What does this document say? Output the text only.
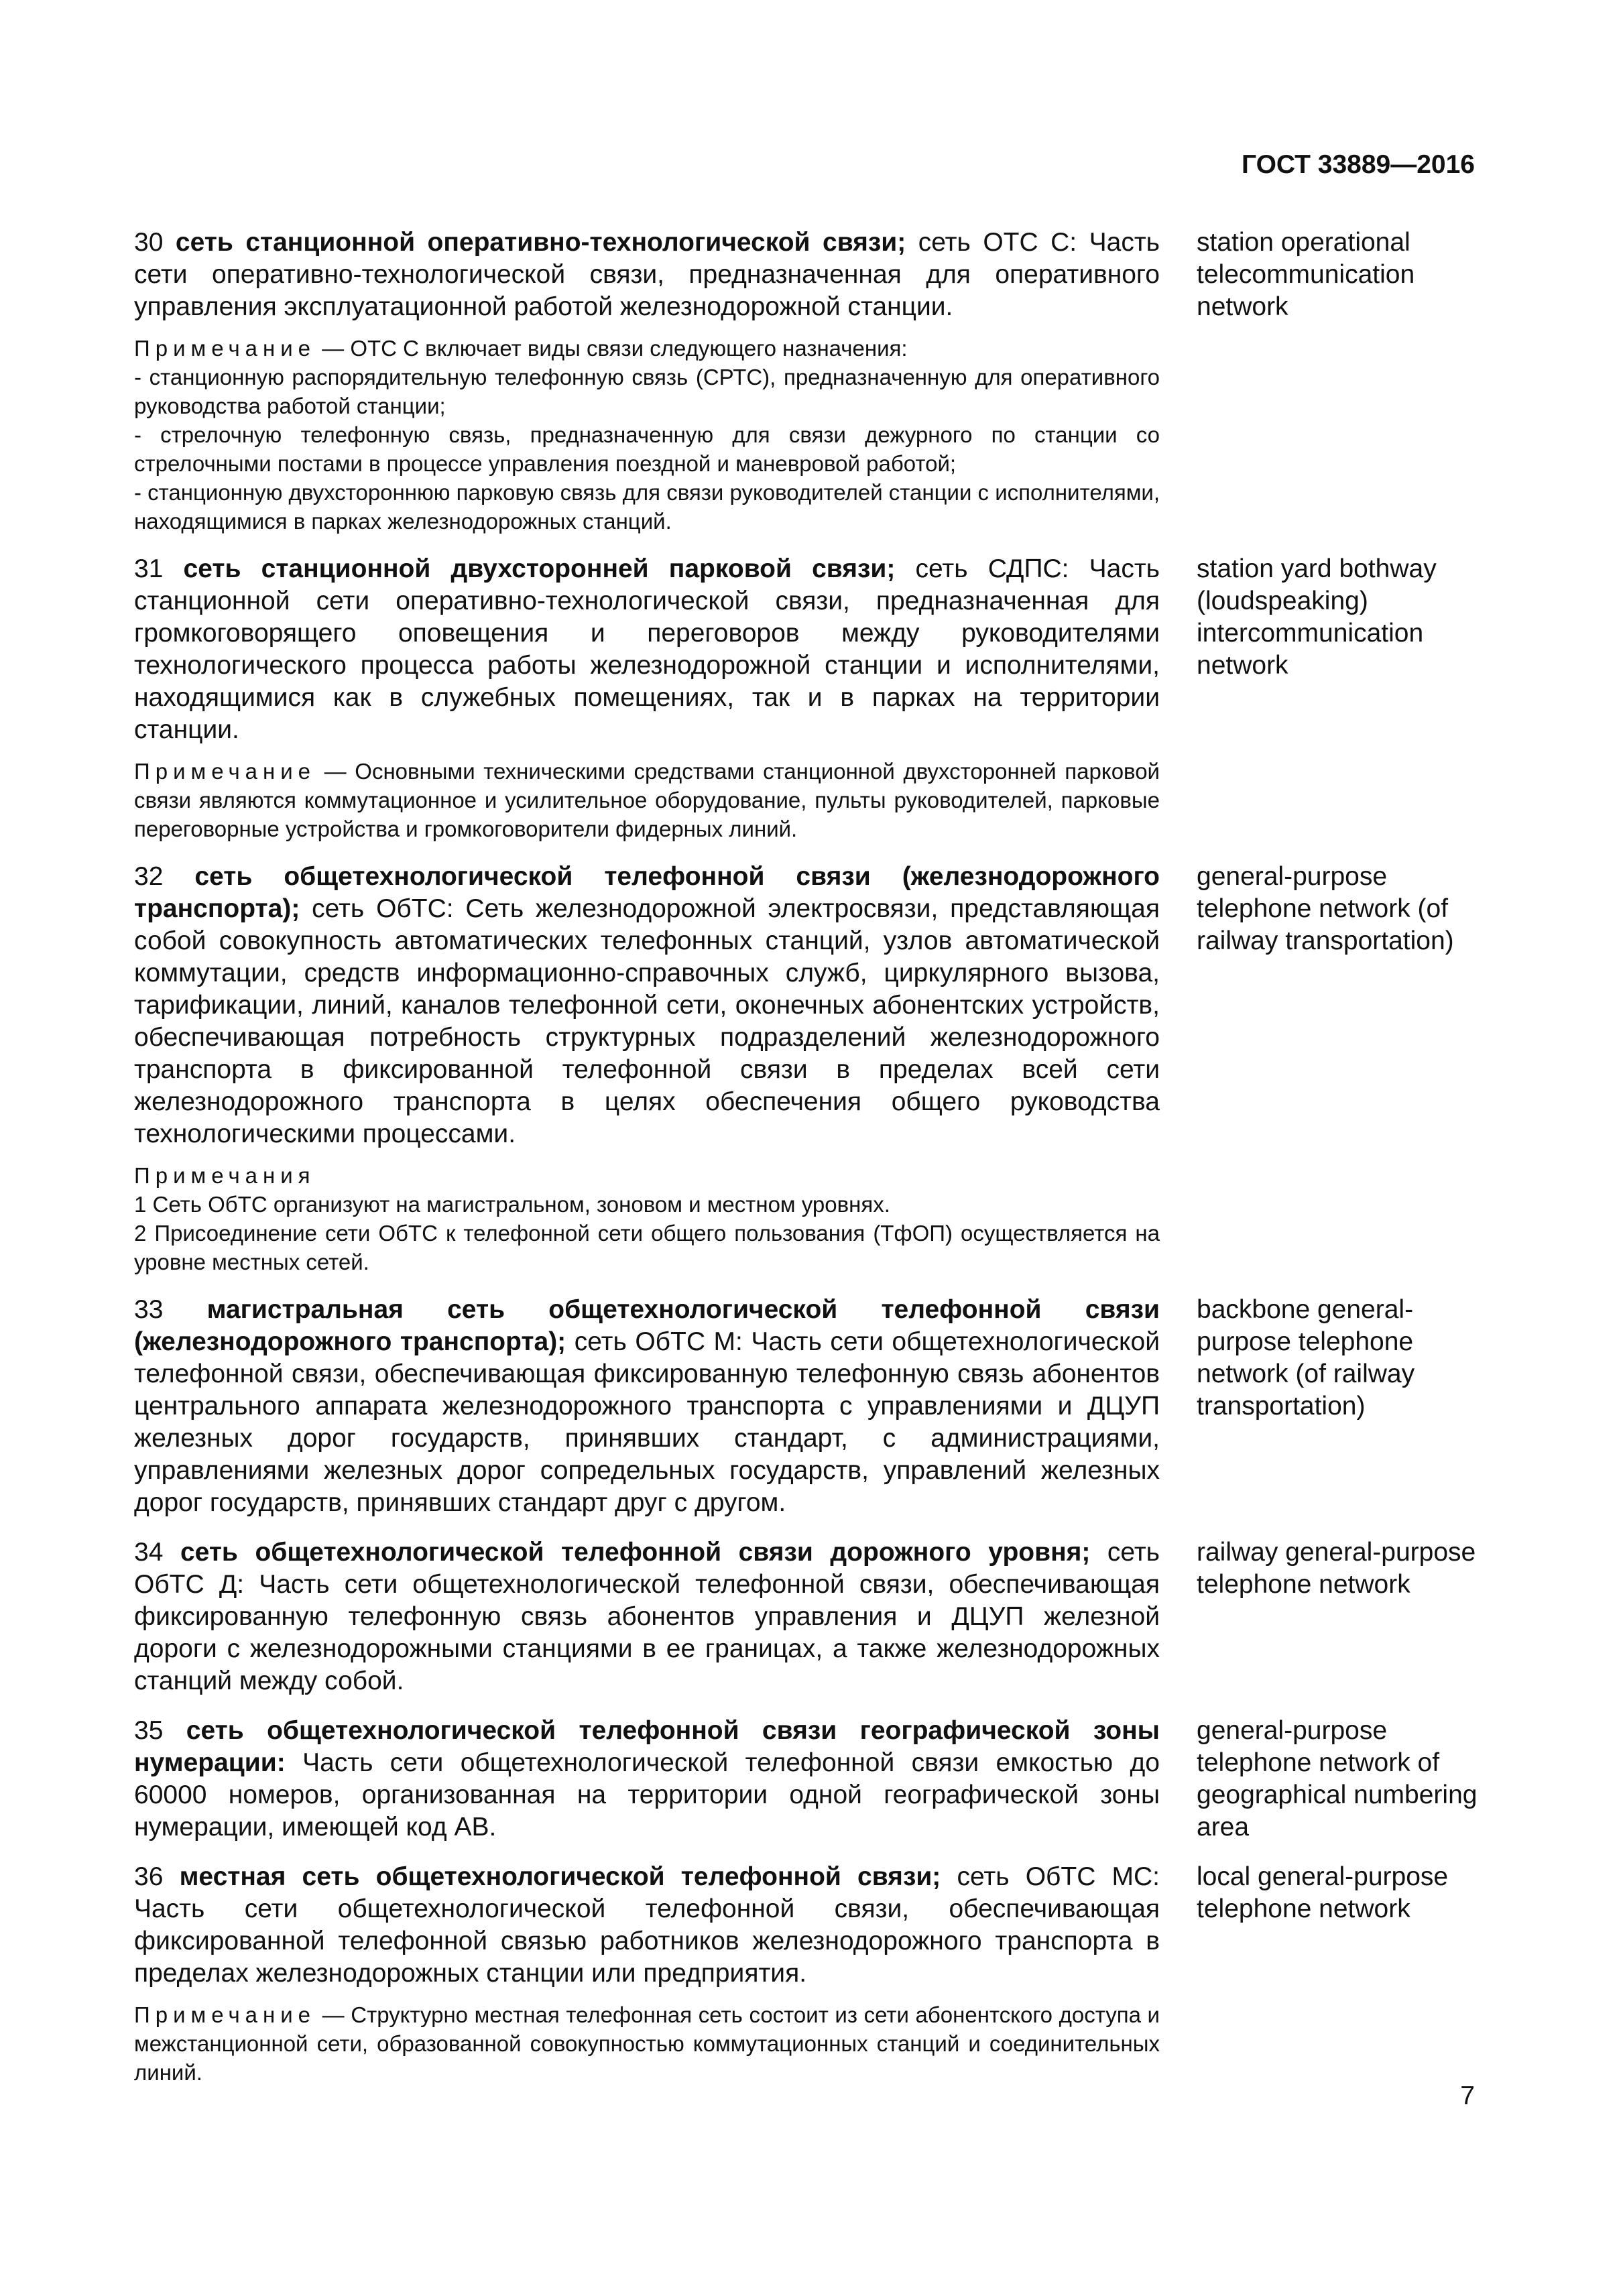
ГОСТ 33889—2016
30 сеть станционной оперативно-технологической связи; сеть ОТС С: Часть сети оперативно-технологической связи, предназначенная для оперативного управления эксплуатационной работой железнодорожной станции.
station operational telecommunication network
Примечание — ОТС С включает виды связи следующего назначения:
- станционную распорядительную телефонную связь (СРТС), предназначенную для оперативного руководства работой станции;
- стрелочную телефонную связь, предназначенную для связи дежурного по станции со стрелочными постами в процессе управления поездной и маневровой работой;
- станционную двухстороннюю парковую связь для связи руководителей станции с исполнителями, находящимися в парках железнодорожных станций.
31 сеть станционной двухсторонней парковой связи; сеть СДПС: Часть станционной сети оперативно-технологической связи, предназначенная для громкоговорящего оповещения и переговоров между руководителями технологического процесса работы железнодорожной станции и исполнителями, находящимися как в служебных помещениях, так и в парках на территории станции.
station yard bothway (loudspeaking) intercommunication network
Примечание — Основными техническими средствами станционной двухсторонней парковой связи являются коммутационное и усилительное оборудование, пульты руководителей, парковые переговорные устройства и громкоговорители фидерных линий.
32 сеть общетехнологической телефонной связи (железнодорожного транспорта); сеть ОбТС: Сеть железнодорожной электросвязи, представляющая собой совокупность автоматических телефонных станций, узлов автоматической коммутации, средств информационно-справочных служб, циркулярного вызова, тарификации, линий, каналов телефонной сети, оконечных абонентских устройств, обеспечивающая потребность структурных подразделений железнодорожного транспорта в фиксированной телефонной связи в пределах всей сети железнодорожного транспорта в целях обеспечения общего руководства технологическими процессами.
general-purpose telephone network (of railway transportation)
Примечания
1 Сеть ОбТС организуют на магистральном, зоновом и местном уровнях.
2 Присоединение сети ОбТС к телефонной сети общего пользования (ТфОП) осуществляется на уровне местных сетей.
33 магистральная сеть общетехнологической телефонной связи (железнодорожного транспорта); сеть ОбТС М: Часть сети общетехнологической телефонной связи, обеспечивающая фиксированную телефонную связь абонентов центрального аппарата железнодорожного транспорта с управлениями и ДЦУП железных дорог государств, принявших стандарт, с администрациями, управлениями железных дорог сопредельных государств, управлений железных дорог государств, принявших стандарт друг с другом.
backbone general-purpose telephone network (of railway transportation)
34 сеть общетехнологической телефонной связи дорожного уровня; сеть ОбТС Д: Часть сети общетехнологической телефонной связи, обеспечивающая фиксированную телефонную связь абонентов управления и ДЦУП железной дороги с железнодорожными станциями в ее границах, а также железнодорожных станций между собой.
railway general-purpose telephone network
35 сеть общетехнологической телефонной связи географической зоны нумерации: Часть сети общетехнологической телефонной связи емкостью до 60000 номеров, организованная на территории одной географической зоны нумерации, имеющей код АВ.
general-purpose telephone network of geographical numbering area
36 местная сеть общетехнологической телефонной связи; сеть ОбТС МС: Часть сети общетехнологической телефонной связи, обеспечивающая фиксированной телефонной связью работников железнодорожного транспорта в пределах железнодорожных станции или предприятия.
local general-purpose telephone network
Примечание — Структурно местная телефонная сеть состоит из сети абонентского доступа и межстанционной сети, образованной совокупностью коммутационных станций и соединительных линий.
7
